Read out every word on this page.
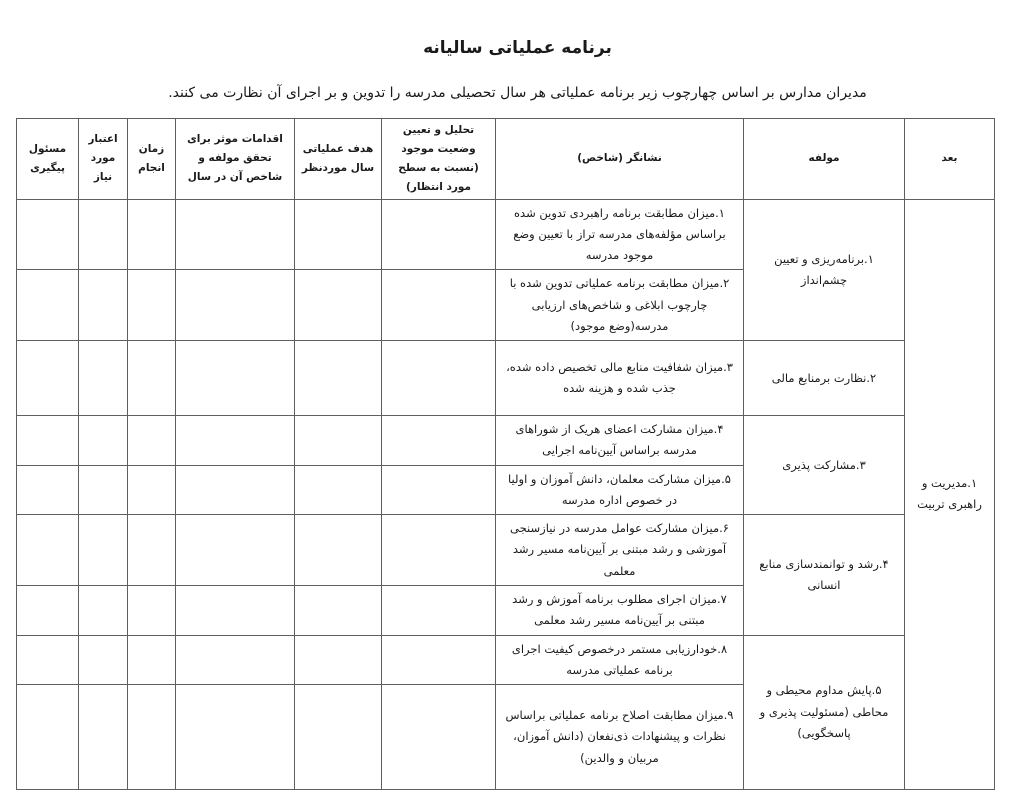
برنامه عملیاتی سالیانه

مدیران مدارس بر اساس چهارچوب زیر برنامه عملیاتی هر سال تحصیلی مدرسه را تدوین و بر اجرای آن نظارت می کنند.

بعد	مولفه	نشانگر (شاخص)	تحلیل و تعیین وضعیت موجود (نسبت به سطح مورد انتظار)	هدف عملیاتی سال موردنظر	اقدامات موثر برای تحقق مولفه و شاخص آن در سال	زمان انجام	اعتبار مورد نیاز	مسئول پیگیری
۱.مدیریت و راهبری تربیت	۱.برنامه‌ریزی و تعیین چشم‌انداز	۱.میزان مطابقت برنامه راهبردی تدوین شده براساس مؤلفه‌های مدرسه تراز با تعیین وضع موجود مدرسه						
		۲.میزان مطابقت برنامه عملیاتی تدوین شده با چارچوب ابلاغی و شاخص‌های ارزیابی مدرسه(وضع موجود)						
	۲.نظارت برمنابع مالی	۳.میزان شفافیت منابع مالی تخصیص داده شده، جذب شده و هزینه شده						
	۳.مشارکت پذیری	۴.میزان مشارکت اعضای هریک از شوراهای مدرسه براساس آیین‌نامه اجرایی						
		۵.میزان مشارکت معلمان، دانش آموزان و اولیا در خصوص اداره مدرسه						
	۴.رشد و توانمندسازی منابع انسانی	۶.میزان مشارکت عوامل مدرسه در نیازسنجی آموزشی و رشد مبتنی بر آیین‌نامه مسیر رشد معلمی						
		۷.میزان اجرای مطلوب برنامه آموزش و رشد مبتنی بر آیین‌نامه مسیر رشد معلمی						
	۵.پایش مداوم محیطی و محاطی (مسئولیت پذیری و پاسخگویی)	۸.خودارزیابی مستمر درخصوص کیفیت اجرای برنامه عملیاتی مدرسه						
		۹.میزان مطابقت اصلاح برنامه عملیاتی براساس نظرات و پیشنهادات ذی‌نفعان (دانش آموزان، مربیان و والدین)						
